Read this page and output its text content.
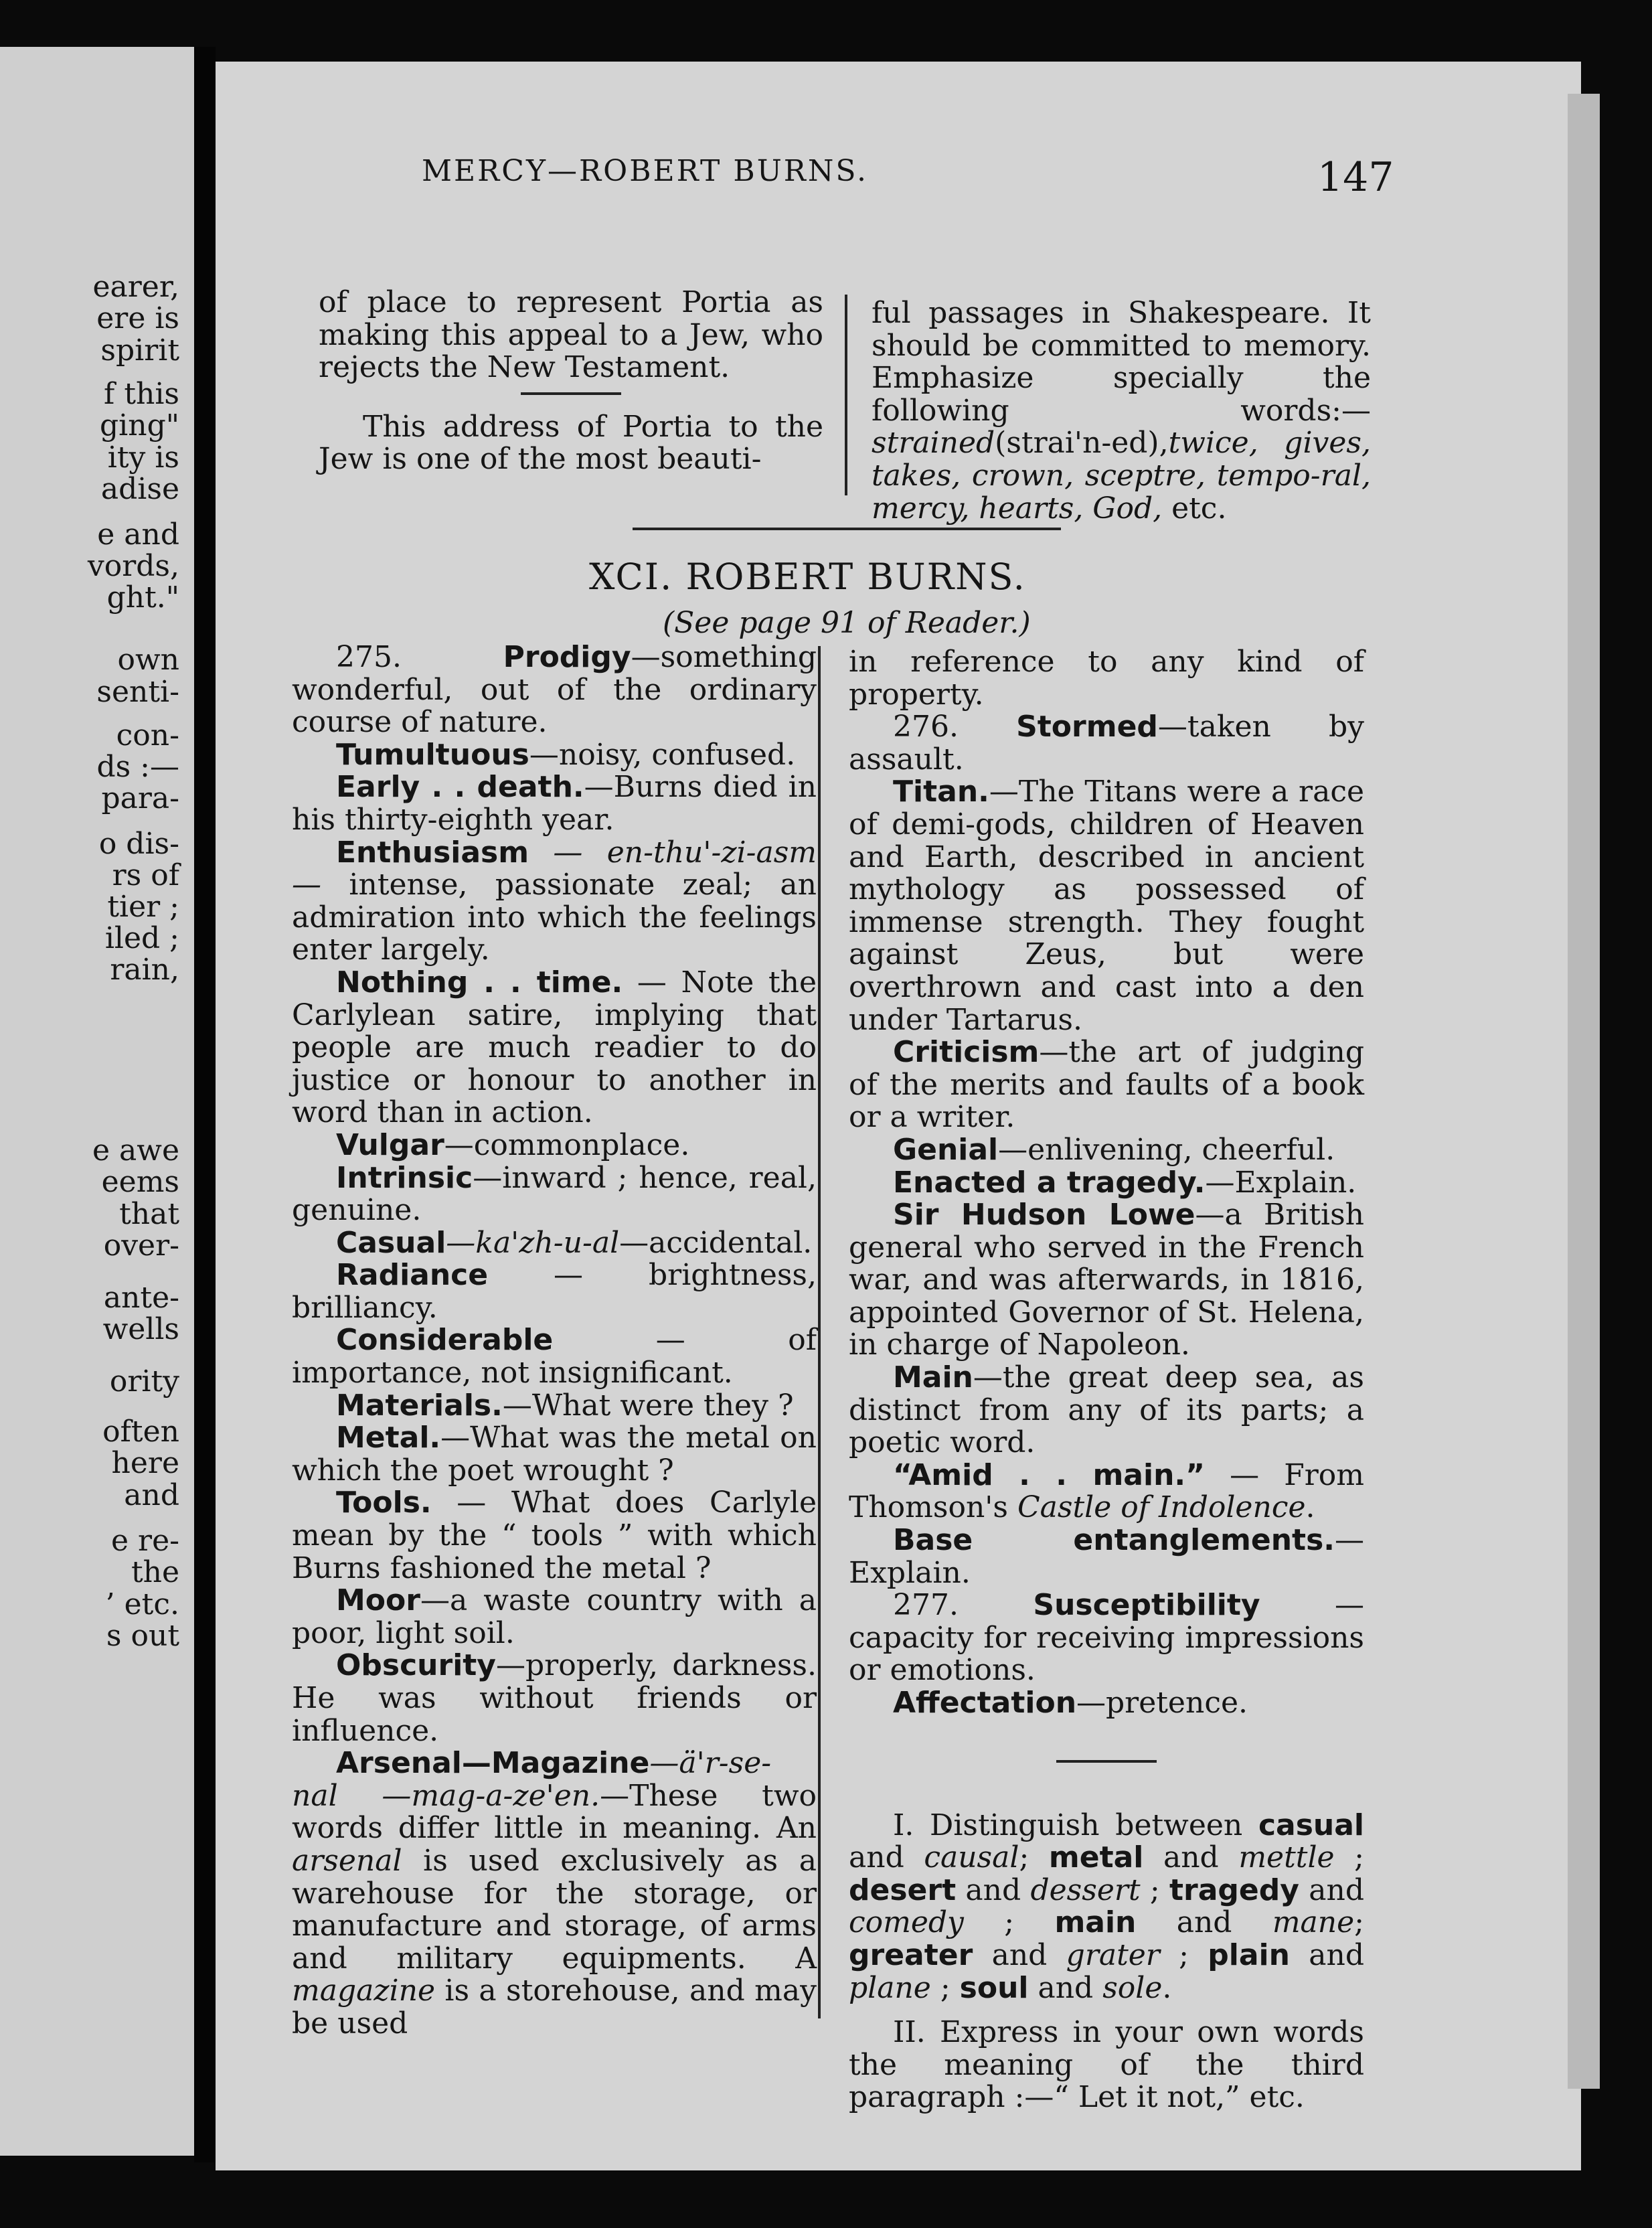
earer,
ere is
spirit
f this
ging"
ity is
adise
e and
vords,
ght."
own
senti-
con-
ds :—
para-
o dis-
rs of
tier ;
iled ;
rain,
e awe
eems
that
over-
ante-
wells
ority
often
here
and
e re-
the
’ etc.
s out
MERCY—ROBERT BURNS.	147

of place to represent Portia as making this appeal to a Jew, who rejects the New Testament.

This address of Portia to the Jew is one of the most beauti-

ful passages in Shakespeare. It should be committed to memory. Emphasize specially the following words:—strained(strai'n-ed),twice, gives, takes, crown, sceptre, tempo-ral, mercy, hearts, God, etc.

XCI. ROBERT BURNS.
(See page 91 of Reader.)

275. Prodigy—something wonderful, out of the ordinary course of nature.

Tumultuous—noisy, confused.

Early . . death.—Burns died in his thirty-eighth year.

Enthusiasm — en-thu'-zi-asm — intense, passionate zeal; an admiration into which the feelings enter largely.

Nothing . . time. — Note the Carlylean satire, implying that people are much readier to do justice or honour to another in word than in action.

Vulgar—commonplace.

Intrinsic—inward ; hence, real, genuine.

Casual—ka'zh-u-al—accidental.

Radiance — brightness, brilliancy.

Considerable — of importance, not insignificant.

Materials.—What were they ?

Metal.—What was the metal on which the poet wrought ?

Tools. — What does Carlyle mean by the “ tools ” with which Burns fashioned the metal ?

Moor—a waste country with a poor, light soil.

Obscurity—properly, darkness. He was without friends or influence.

Arsenal—Magazine—ä'r-se-nal —mag-a-ze'en.—These two words differ little in meaning. An arsenal is used exclusively as a warehouse for the storage, or manufacture and storage, of arms and military equipments. A magazine is a storehouse, and may be used

in reference to any kind of property.

276. Stormed—taken by assault.

Titan.—The Titans were a race of demi-gods, children of Heaven and Earth, described in ancient mythology as possessed of immense strength. They fought against Zeus, but were overthrown and cast into a den under Tartarus.

Criticism—the art of judging of the merits and faults of a book or a writer.

Genial—enlivening, cheerful.

Enacted a tragedy.—Explain.

Sir Hudson Lowe—a British general who served in the French war, and was afterwards, in 1816, appointed Governor of St. Helena, in charge of Napoleon.

Main—the great deep sea, as distinct from any of its parts; a poetic word.

“Amid . . main.” — From Thomson's Castle of Indolence.

Base entanglements.—Explain.

277. Susceptibility — capacity for receiving impressions or emotions.

Affectation—pretence.

I. Distinguish between casual and causal; metal and mettle ; desert and dessert ; tragedy and comedy ; main and mane; greater and grater ; plain and plane ; soul and sole.

II. Express in your own words the meaning of the third paragraph :—“ Let it not,” etc.
